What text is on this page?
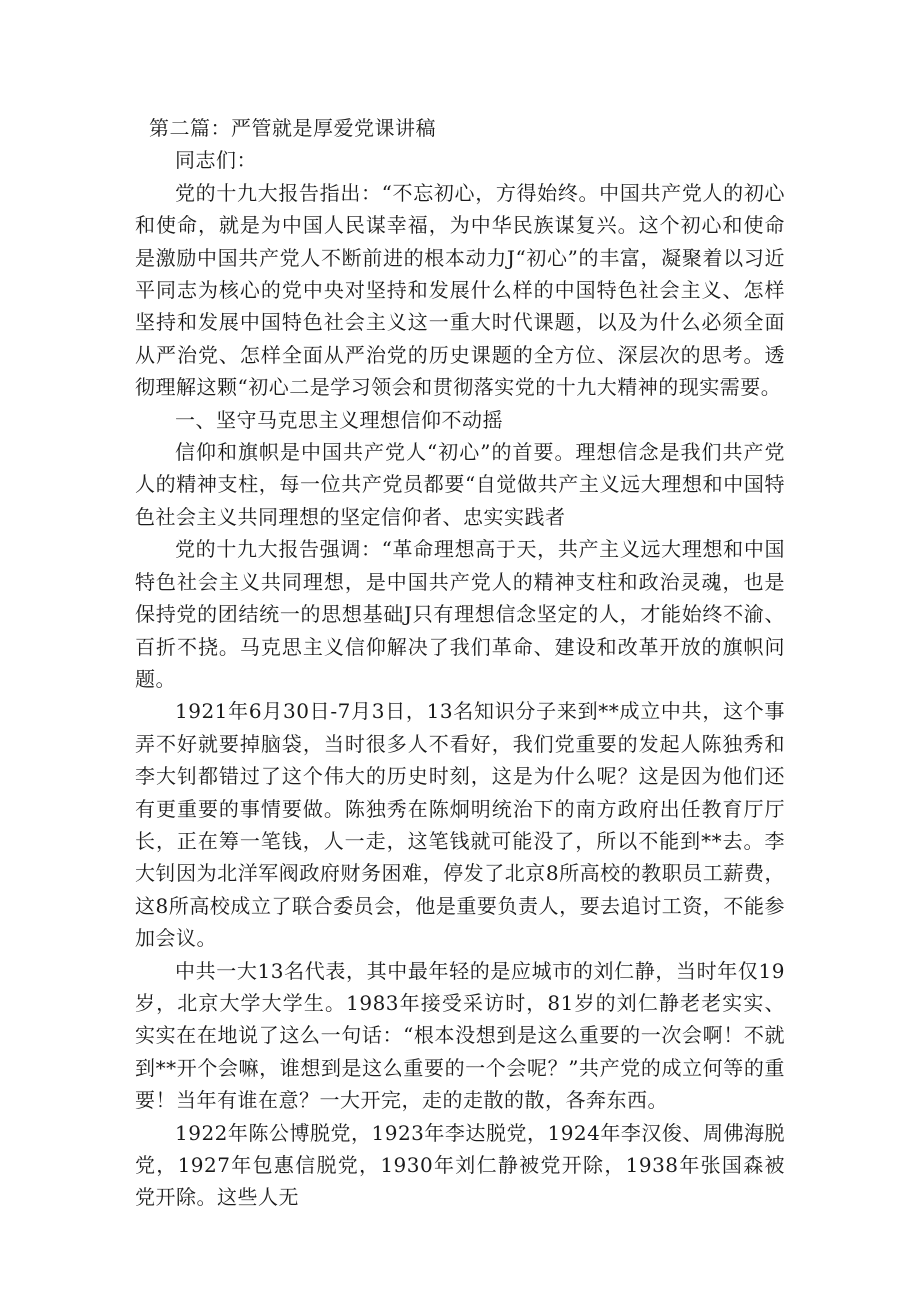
第二篇：严管就是厚爱党课讲稿

同志们：

党的十九大报告指出：“不忘初心，方得始终。中国共产党人的初心和使命，就是为中国人民谋幸福，为中华民族谋复兴。这个初心和使命是激励中国共产党人不断前进的根本动力J“初心”的丰富，凝聚着以习近平同志为核心的党中央对坚持和发展什么样的中国特色社会主义、怎样坚持和发展中国特色社会主义这一重大时代课题，以及为什么必须全面从严治党、怎样全面从严治党的历史课题的全方位、深层次的思考。透彻理解这颗“初心二是学习领会和贯彻落实党的十九大精神的现实需要。

一、坚守马克思主义理想信仰不动摇

信仰和旗帜是中国共产党人“初心”的首要。理想信念是我们共产党人的精神支柱，每一位共产党员都要“自觉做共产主义远大理想和中国特色社会主义共同理想的坚定信仰者、忠实实践者

党的十九大报告强调：“革命理想高于天，共产主义远大理想和中国特色社会主义共同理想，是中国共产党人的精神支柱和政治灵魂，也是保持党的团结统一的思想基础J只有理想信念坚定的人，才能始终不渝、百折不挠。马克思主义信仰解决了我们革命、建设和改革开放的旗帜问题。

1921年6月30日-7月3日，13名知识分子来到**成立中共，这个事弄不好就要掉脑袋，当时很多人不看好，我们党重要的发起人陈独秀和李大钊都错过了这个伟大的历史时刻，这是为什么呢？这是因为他们还有更重要的事情要做。陈独秀在陈炯明统治下的南方政府出任教育厅厅长，正在筹一笔钱，人一走，这笔钱就可能没了，所以不能到**去。李大钊因为北洋军阀政府财务困难，停发了北京8所高校的教职员工薪费，这8所高校成立了联合委员会，他是重要负责人，要去追讨工资，不能参加会议。

中共一大13名代表，其中最年轻的是应城市的刘仁静，当时年仅19岁，北京大学大学生。1983年接受采访时，81岁的刘仁静老老实实、实实在在地说了这么一句话：“根本没想到是这么重要的一次会啊！不就到**开个会嘛，谁想到是这么重要的一个会呢？”共产党的成立何等的重要！当年有谁在意？一大开完，走的走散的散，各奔东西。

1922年陈公博脱党，1923年李达脱党，1924年李汉俊、周佛海脱党，1927年包惠信脱党，1930年刘仁静被党开除，1938年张国森被党开除。这些人无
